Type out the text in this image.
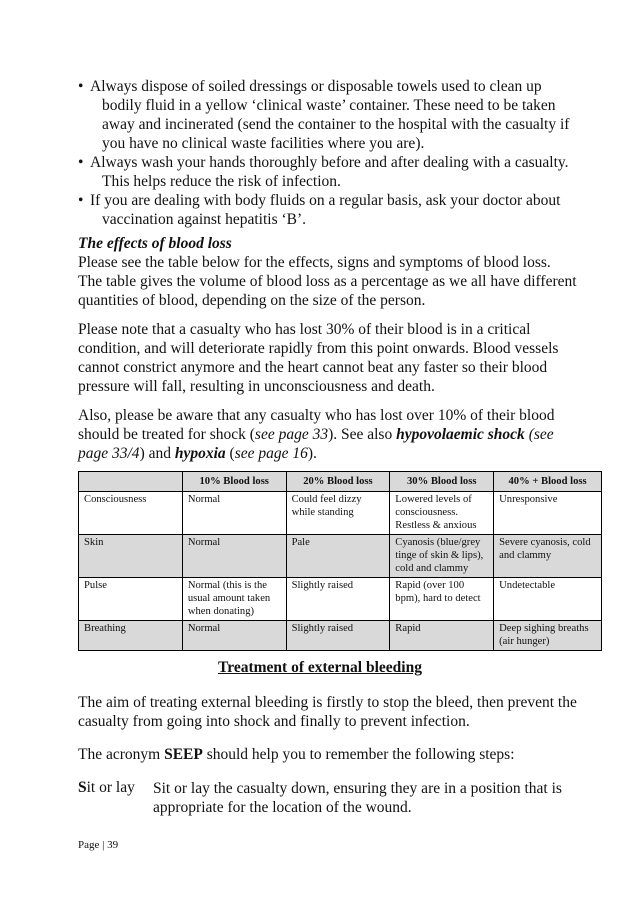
• Always dispose of soiled dressings or disposable towels used to clean up
bodily fluid in a yellow ‘clinical waste’ container. These need to be taken
away and incinerated (send the container to the hospital with the casualty if
you have no clinical waste facilities where you are).
• Always wash your hands thoroughly before and after dealing with a casualty.
This helps reduce the risk of infection.
• If you are dealing with body fluids on a regular basis, ask your doctor about
vaccination against hepatitis ‘B’.
The effects of blood loss
Please see the table below for the effects, signs and symptoms of blood loss.
The table gives the volume of blood loss as a percentage as we all have different
quantities of blood, depending on the size of the person.
Please note that a casualty who has lost 30% of their blood is in a critical
condition, and will deteriorate rapidly from this point onwards. Blood vessels
cannot constrict anymore and the heart cannot beat any faster so their blood
pressure will fall, resulting in unconsciousness and death.
Also, please be aware that any casualty who has lost over 10% of their blood
should be treated for shock (see page 33). See also hypovolaemic shock (see
page 33/4) and hypoxia (see page 16).
	10% Blood loss	20% Blood loss	30% Blood loss	40% + Blood loss
Consciousness	Normal	Could feel dizzy while standing	Lowered levels of consciousness. Restless & anxious	Unresponsive
Skin	Normal	Pale	Cyanosis (blue/grey tinge of skin & lips), cold and clammy	Severe cyanosis, cold and clammy
Pulse	Normal (this is the usual amount taken when donating)	Slightly raised	Rapid (over 100 bpm), hard to detect	Undetectable
Breathing	Normal	Slightly raised	Rapid	Deep sighing breaths (air hunger)
Treatment of external bleeding
The aim of treating external bleeding is firstly to stop the bleed, then prevent the
casualty from going into shock and finally to prevent infection.
The acronym SEEP should help you to remember the following steps:
Sit or lay Sit or lay the casualty down, ensuring they are in a position that is
appropriate for the location of the wound.
Page | 39
